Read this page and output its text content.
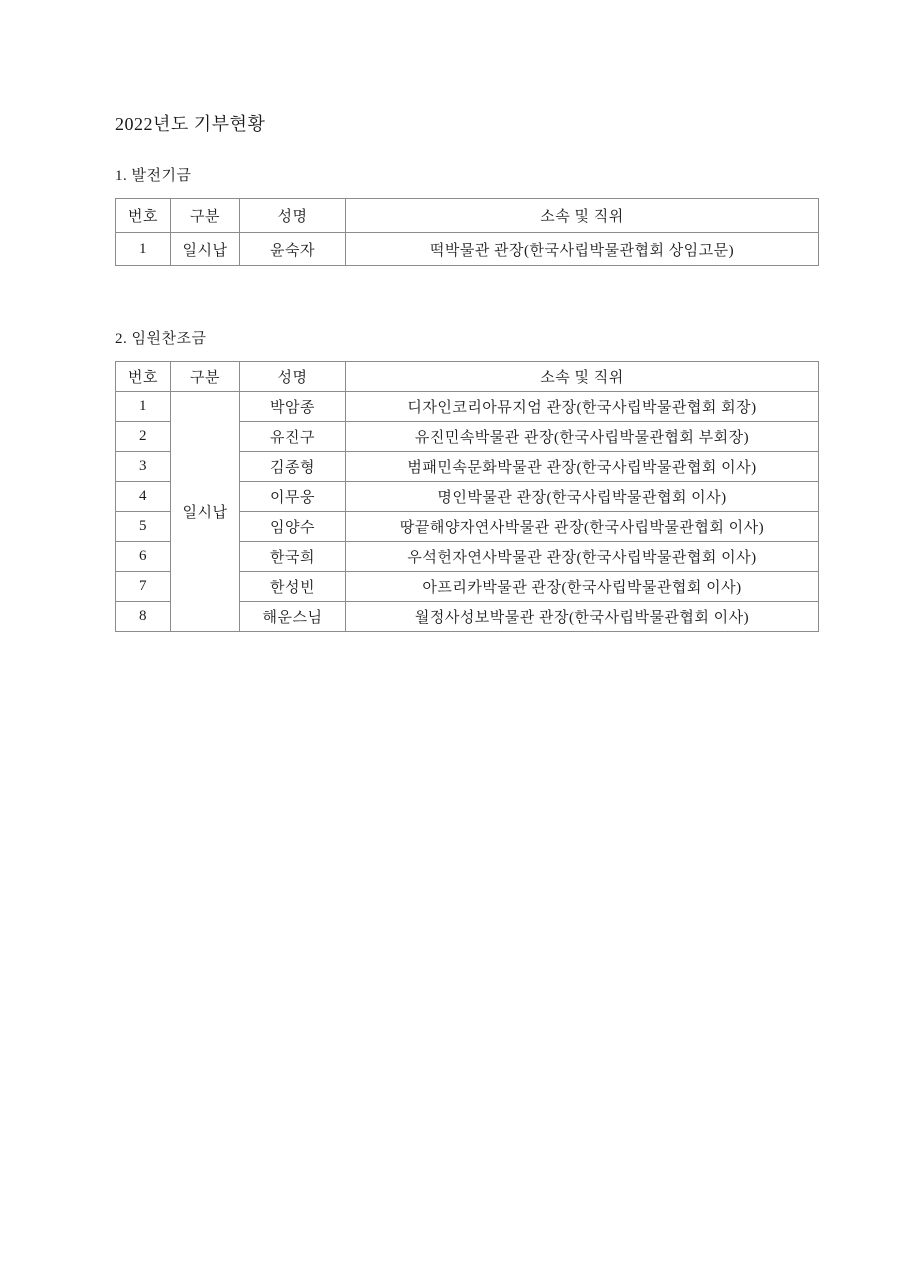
2022년도 기부현황
1. 발전기금
번호	구분	성명	소속 및 직위
1	일시납	윤숙자	떡박물관 관장(한국사립박물관협회 상임고문)
2. 임원찬조금
번호	구분	성명	소속 및 직위
1	일시납	박암종	디자인코리아뮤지엄 관장(한국사립박물관협회 회장)
2		유진구	유진민속박물관 관장(한국사립박물관협회 부회장)
3		김종형	범패민속문화박물관 관장(한국사립박물관협회 이사)
4		이무웅	명인박물관 관장(한국사립박물관협회 이사)
5		임양수	땅끝해양자연사박물관 관장(한국사립박물관협회 이사)
6		한국희	우석헌자연사박물관 관장(한국사립박물관협회 이사)
7		한성빈	아프리카박물관 관장(한국사립박물관협회 이사)
8		해운스님	월정사성보박물관 관장(한국사립박물관협회 이사)
